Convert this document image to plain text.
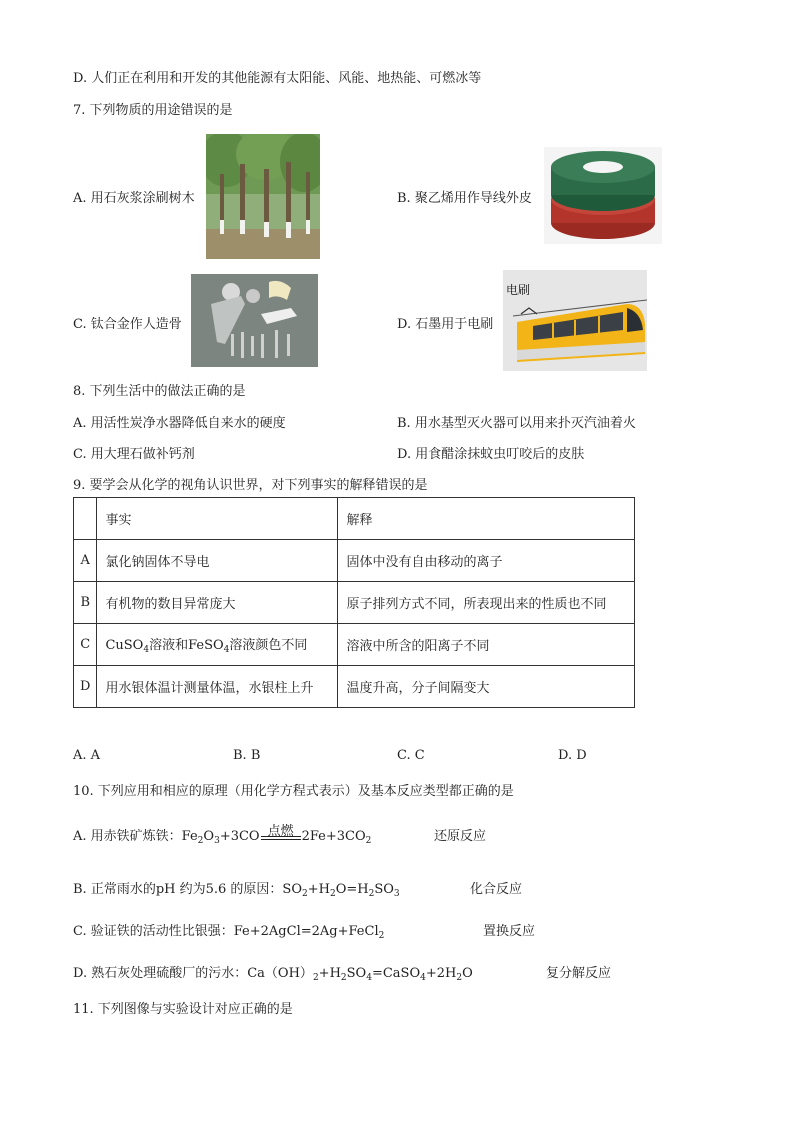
D. 人们正在利用和开发的其他能源有太阳能、风能、地热能、可燃冰等
7. 下列物质的用途错误的是
A. 用石灰浆涂刷树木	B. 聚乙烯用作导线外皮
C. 钛合金作人造骨	D. 石墨用于电刷
电刷
8. 下列生活中的做法正确的是
A. 用活性炭净水器降低自来水的硬度	B. 用水基型灭火器可以用来扑灭汽油着火
C. 用大理石做补钙剂	D. 用食醋涂抹蚊虫叮咬后的皮肤
9. 要学会从化学的视角认识世界，对下列事实的解释错误的是
	事实	解释
A	氯化钠固体不导电	固体中没有自由移动的离子
B	有机物的数目异常庞大	原子排列方式不同，所表现出来的性质也不同
C	CuSO$_4$溶液和FeSO$_4$溶液颜色不同	溶液中所含的阳离子不同
D	用水银体温计测量体温，水银柱上升	温度升高，分子间隔变大
A. A	B. B	C. C	D. D
10. 下列应用和相应的原理（用化学方程式表示）及基本反应类型都正确的是
A. 用赤铁矿炼铁：$Fe_2O_3+3CO$ 点燃 $2Fe+3CO_2$	还原反应
B. 正常雨水的pH 约为5.6 的原因：$SO_2+H_2O=H_2SO_3$	化合反应
C. 验证铁的活动性比银强：Fe+2AgCl=2Ag+FeCl$_2$	置换反应
D. 熟石灰处理硫酸厂的污水：$Ca(OH)_2+H_2SO_4=CaSO_4+2H_2O$	复分解反应
11. 下列图像与实验设计对应正确的是
